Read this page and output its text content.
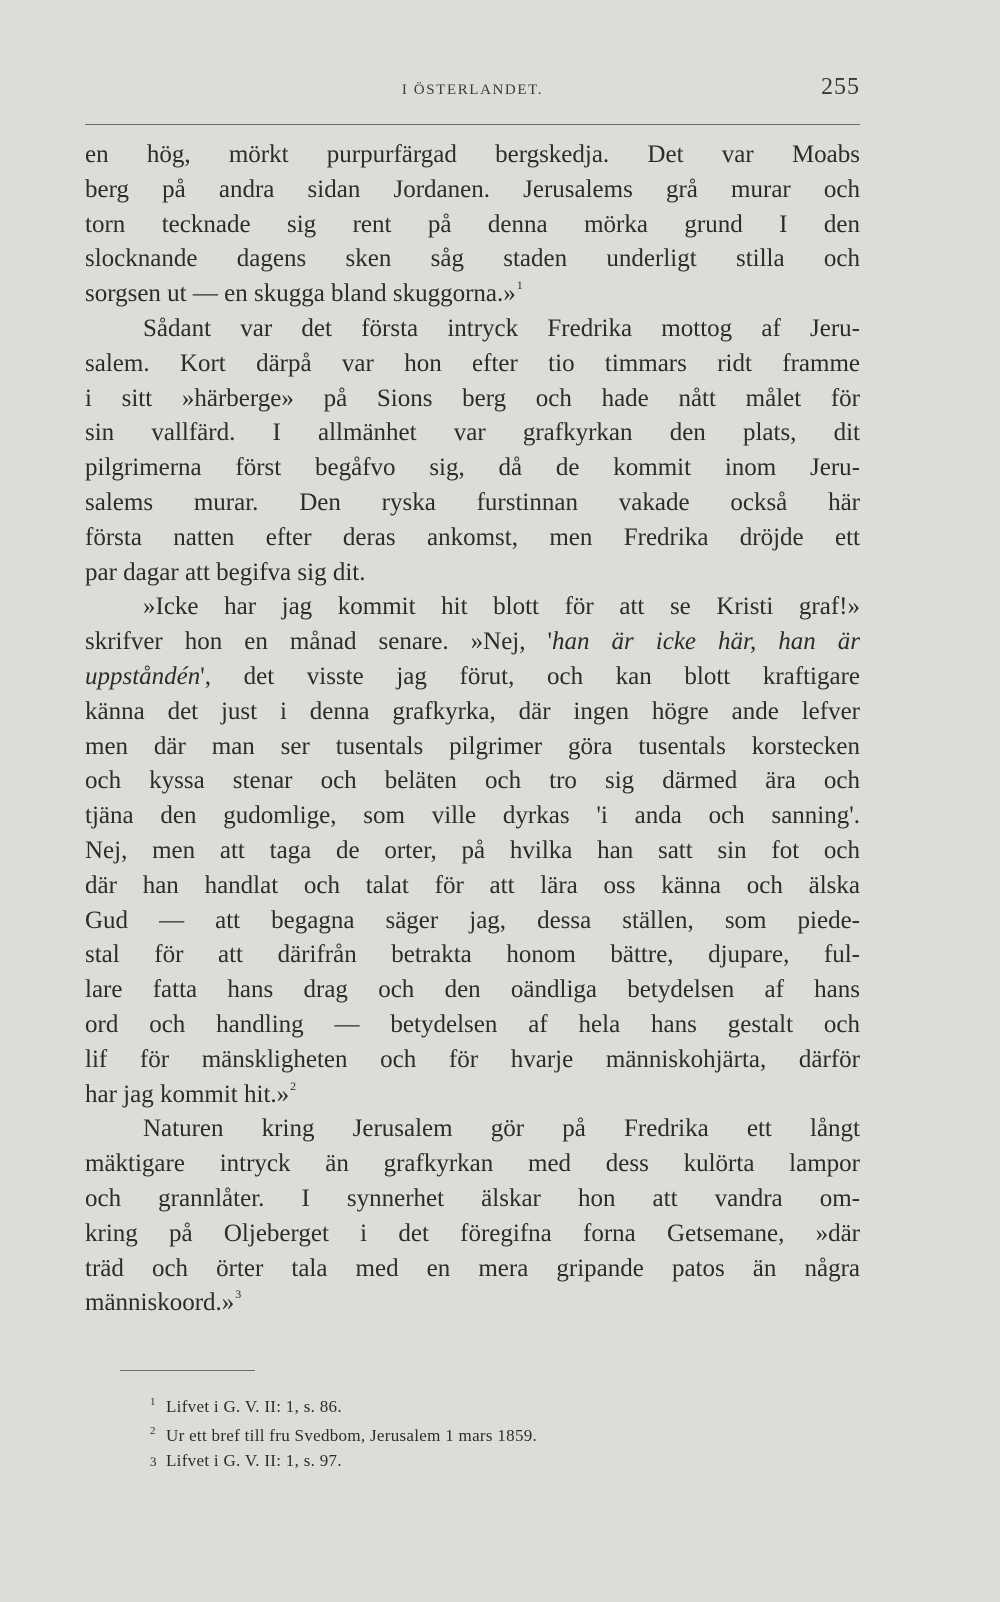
I ÖSTERLANDET.	255
en hög, mörkt purpurfärgad bergskedja. Det var Moabs
berg på andra sidan Jordanen. Jerusalems grå murar och
torn tecknade sig rent på denna mörka grund I den
slocknande dagens sken såg staden underligt stilla och
sorgsen ut — en skugga bland skuggorna.»$^1$
Sådant var det första intryck Fredrika mottog af Jeru-
salem. Kort därpå var hon efter tio timmars ridt framme
i sitt »härberge» på Sions berg och hade nått målet för
sin vallfärd. I allmänhet var grafkyrkan den plats, dit
pilgrimerna först begåfvo sig, då de kommit inom Jeru-
salems murar. Den ryska furstinnan vakade också här
första natten efter deras ankomst, men Fredrika dröjde ett
par dagar att begifva sig dit.
»Icke har jag kommit hit blott för att se Kristi graf!»
skrifver hon en månad senare. »Nej, 'han är icke här, han är
uppståndén', det visste jag förut, och kan blott kraftigare
känna det just i denna grafkyrka, där ingen högre ande lefver
men där man ser tusentals pilgrimer göra tusentals korstecken
och kyssa stenar och beläten och tro sig därmed ära och
tjäna den gudomlige, som ville dyrkas 'i anda och sanning'.
Nej, men att taga de orter, på hvilka han satt sin fot och
där han handlat och talat för att lära oss känna och älska
Gud — att begagna säger jag, dessa ställen, som piede-
stal för att därifrån betrakta honom bättre, djupare, ful-
lare fatta hans drag och den oändliga betydelsen af hans
ord och handling — betydelsen af hela hans gestalt och
lif för mänskligheten och för hvarje människohjärta, därför
har jag kommit hit.»$^2$
Naturen kring Jerusalem gör på Fredrika ett långt
mäktigare intryck än grafkyrkan med dess kulörta lampor
och grannlåter. I synnerhet älskar hon att vandra om-
kring på Oljeberget i det föregifna forna Getsemane, »där
träd och örter tala med en mera gripande patos än några
människoord.»$^3$
1 Lifvet i G. V. II: 1, s. 86.
2 Ur ett bref till fru Svedbom, Jerusalem 1 mars 1859.
3 Lifvet i G. V. II: 1, s. 97.
